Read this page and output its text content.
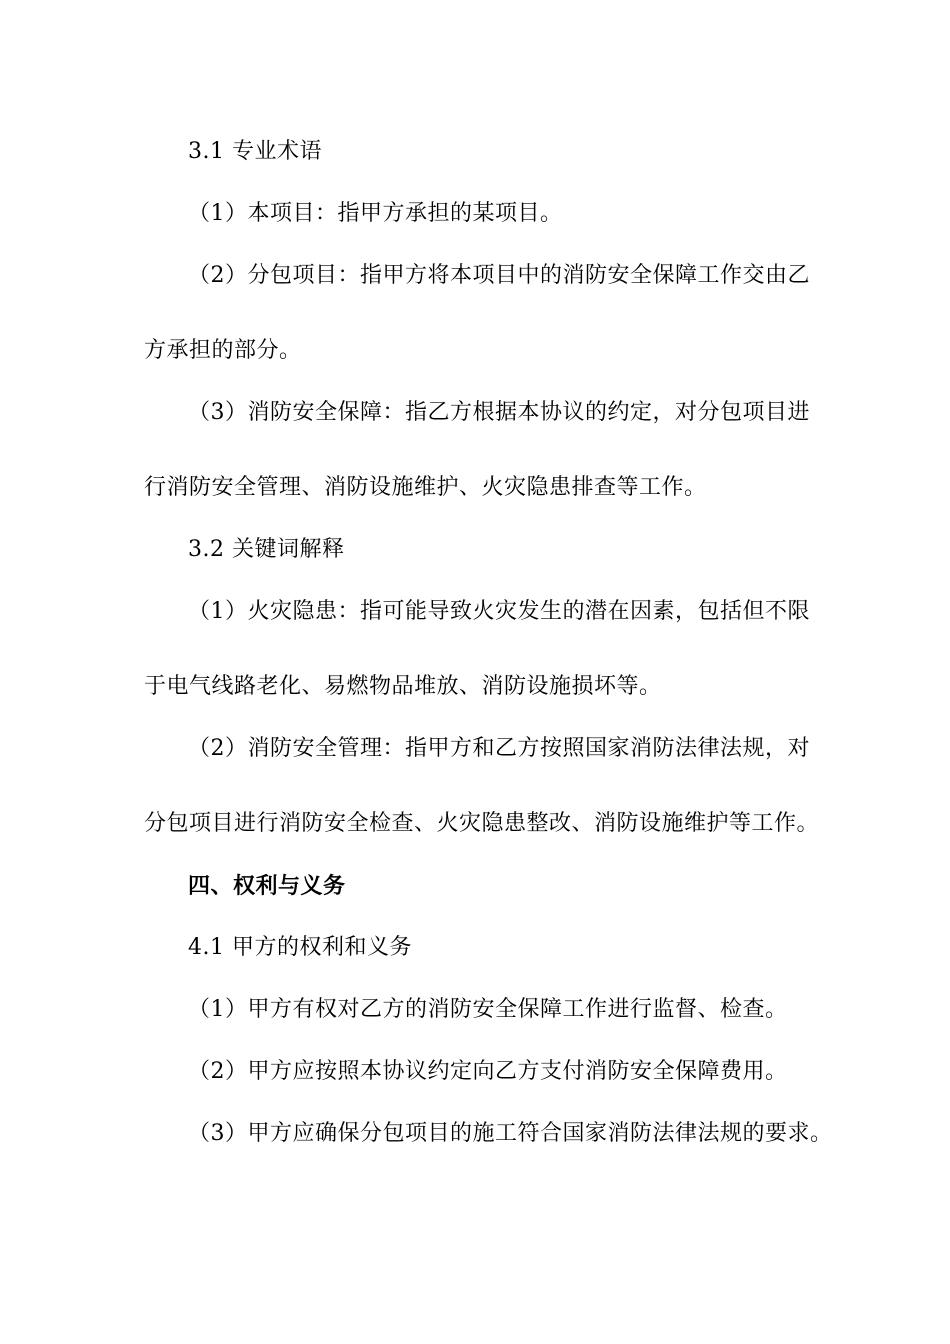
3.1 专业术语
（1）本项目：指甲方承担的某项目。
（2）分包项目：指甲方将本项目中的消防安全保障工作交由乙
方承担的部分。
（3）消防安全保障：指乙方根据本协议的约定，对分包项目进
行消防安全管理、消防设施维护、火灾隐患排查等工作。
3.2 关键词解释
（1）火灾隐患：指可能导致火灾发生的潜在因素，包括但不限
于电气线路老化、易燃物品堆放、消防设施损坏等。
（2）消防安全管理：指甲方和乙方按照国家消防法律法规，对
分包项目进行消防安全检查、火灾隐患整改、消防设施维护等工作。
四、权利与义务
4.1 甲方的权利和义务
（1）甲方有权对乙方的消防安全保障工作进行监督、检查。
（2）甲方应按照本协议约定向乙方支付消防安全保障费用。
（3）甲方应确保分包项目的施工符合国家消防法律法规的要求。
